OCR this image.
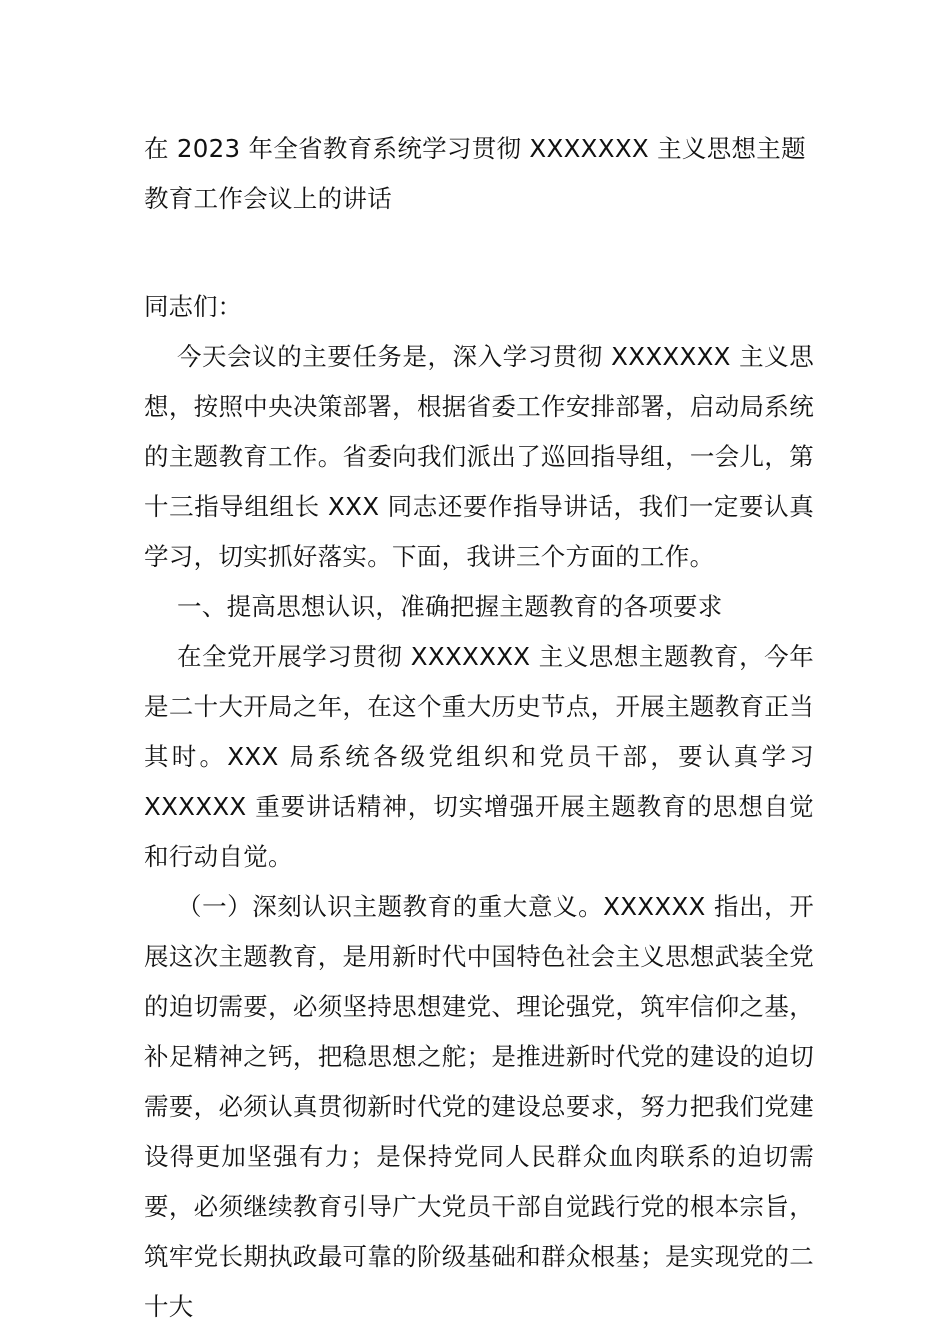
在 2023 年全省教育系统学习贯彻 XXXXXXX 主义思想主题教育工作会议上的讲话

同志们：

今天会议的主要任务是，深入学习贯彻 XXXXXXX 主义思想，按照中央决策部署，根据省委工作安排部署，启动局系统的主题教育工作。省委向我们派出了巡回指导组，一会儿，第十三指导组组长 XXX 同志还要作指导讲话，我们一定要认真学习，切实抓好落实。下面，我讲三个方面的工作。

一、提高思想认识，准确把握主题教育的各项要求

在全党开展学习贯彻 XXXXXXX 主义思想主题教育，今年是二十大开局之年，在这个重大历史节点，开展主题教育正当其时。XXX 局系统各级党组织和党员干部，要认真学习 XXXXXX 重要讲话精神，切实增强开展主题教育的思想自觉和行动自觉。

（一）深刻认识主题教育的重大意义。XXXXXX 指出，开展这次主题教育，是用新时代中国特色社会主义思想武装全党的迫切需要，必须坚持思想建党、理论强党，筑牢信仰之基，补足精神之钙，把稳思想之舵；是推进新时代党的建设的迫切需要，必须认真贯彻新时代党的建设总要求，努力把我们党建设得更加坚强有力；是保持党同人民群众血肉联系的迫切需要，必须继续教育引导广大党员干部自觉践行党的根本宗旨，筑牢党长期执政最可靠的阶级基础和群众根基；是实现党的二十大
